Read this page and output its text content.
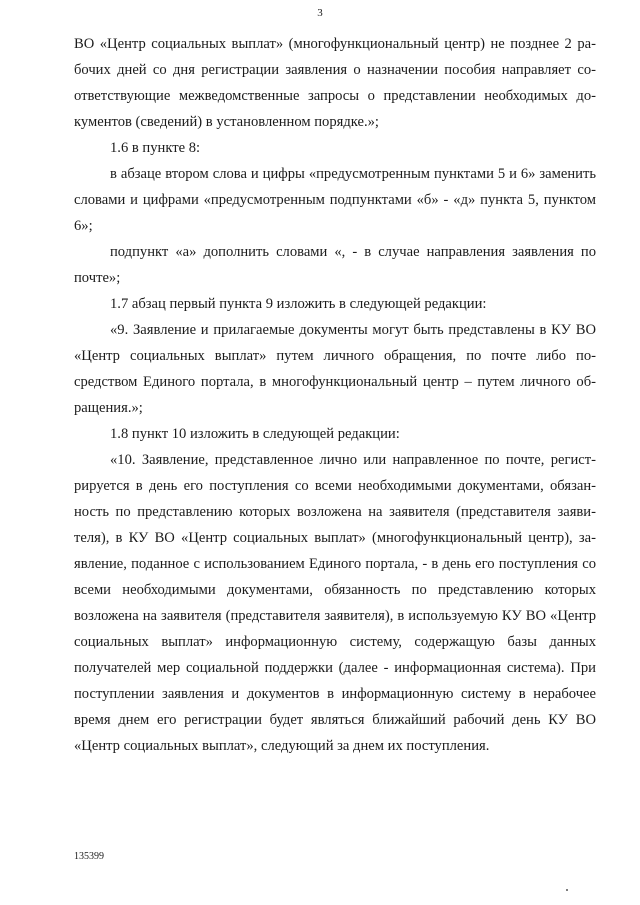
3

ВО «Центр социальных выплат» (многофункциональный центр) не позднее 2 рабочих дней со дня регистрации заявления о назначении пособия направляет соответствующие межведомственные запросы о представлении необходимых документов (сведений) в установленном порядке.»;

1.6 в пункте 8:

в абзаце втором слова и цифры «предусмотренным пунктами 5 и 6» заменить словами и цифрами «предусмотренным подпунктами «б» - «д» пункта 5, пунктом 6»;

подпункт «а» дополнить словами «, - в случае направления заявления по почте»;

1.7 абзац первый пункта 9 изложить в следующей редакции:

«9. Заявление и прилагаемые документы могут быть представлены в КУ ВО «Центр социальных выплат» путем личного обращения, по почте либо посредством Единого портала, в многофункциональный центр – путем личного обращения.»;

1.8 пункт 10 изложить в следующей редакции:

«10. Заявление, представленное лично или направленное по почте, регистрируется в день его поступления со всеми необходимыми документами, обязанность по представлению которых возложена на заявителя (представителя заявителя), в КУ ВО «Центр социальных выплат» (многофункциональный центр), заявление, поданное с использованием Единого портала, - в день его поступления со всеми необходимыми документами, обязанность по представлению которых возложена на заявителя (представителя заявителя), в используемую КУ ВО «Центр социальных выплат» информационную систему, содержащую базы данных получателей мер социальной поддержки (далее - информационная система). При поступлении заявления и документов в информационную систему в нерабочее время днем его регистрации будет являться ближайший рабочий день КУ ВО «Центр социальных выплат», следующий за днем их поступления.

135399
